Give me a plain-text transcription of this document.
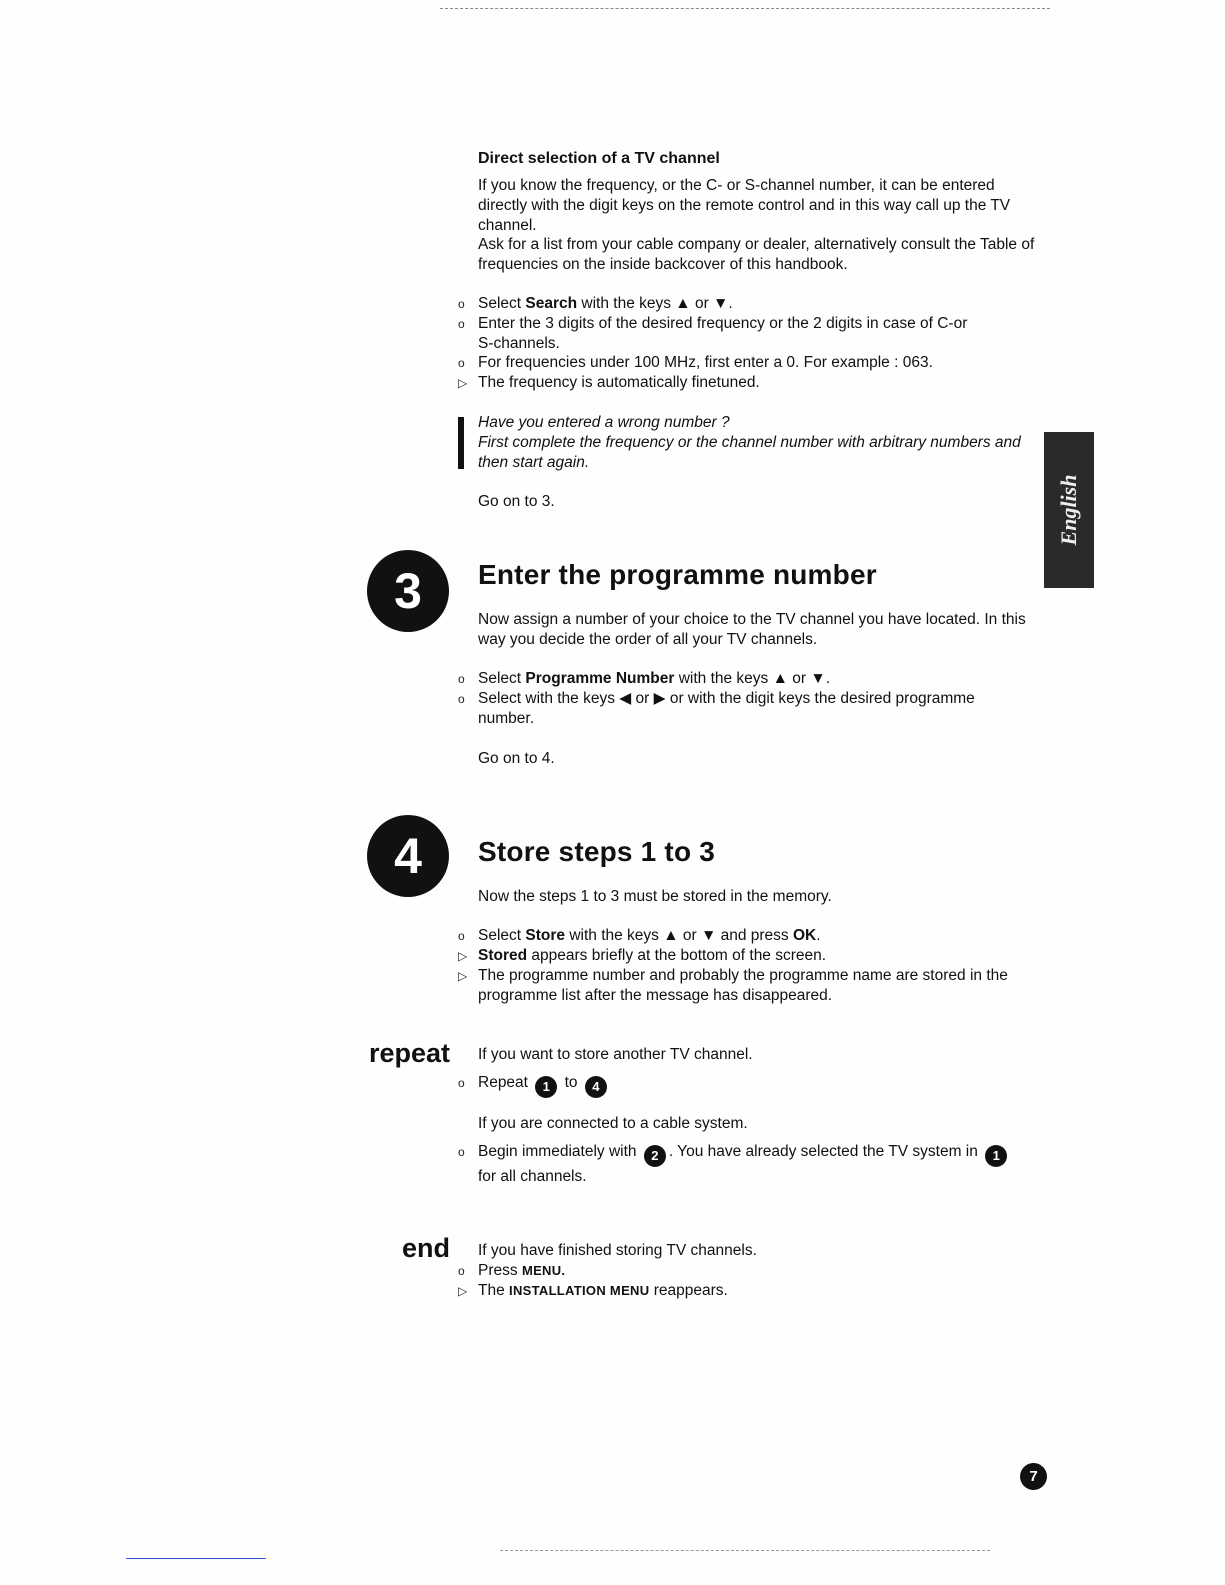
Direct selection of a TV channel

If you know the frequency, or the C- or S-channel number, it can be entered directly with the digit keys on the remote control and in this way call up the TV channel.

Ask for a list from your cable company or dealer, alternatively consult the Table of frequencies on the inside backcover of this handbook.

o Select Search with the keys ▲ or ▼.
o Enter the 3 digits of the desired frequency or the 2 digits in case of C-or S-channels.
o For frequencies under 100 MHz, first enter a 0. For example : 063.
▷ The frequency is automatically finetuned.

Have you entered a wrong number ?

First complete the frequency or the channel number with arbitrary numbers and then start again.

Go on to 3.	English
3	Enter the programme number

Now assign a number of your choice to the TV channel you have located. In this way you decide the order of all your TV channels.

o Select Programme Number with the keys ▲ or ▼.
o Select with the keys ◀ or ▶ or with the digit keys the desired programme number.

Go on to 4.

4	Store steps 1 to 3

Now the steps 1 to 3 must be stored in the memory.

o Select Store with the keys ▲ or ▼ and press OK.
▷ Stored appears briefly at the bottom of the screen.
▷ The programme number and probably the programme name are stored in the programme list after the message has disappeared.
repeat If you want to store another TV channel.

o Repeat 1 to 4

If you are connected to a cable system.

o Begin immediately with 2 . You have already selected the TV system in 1
for all channels.
end If you have finished storing TV channels.

o Press MENU.
▷ The INSTALLATION MENU reappears.
7
